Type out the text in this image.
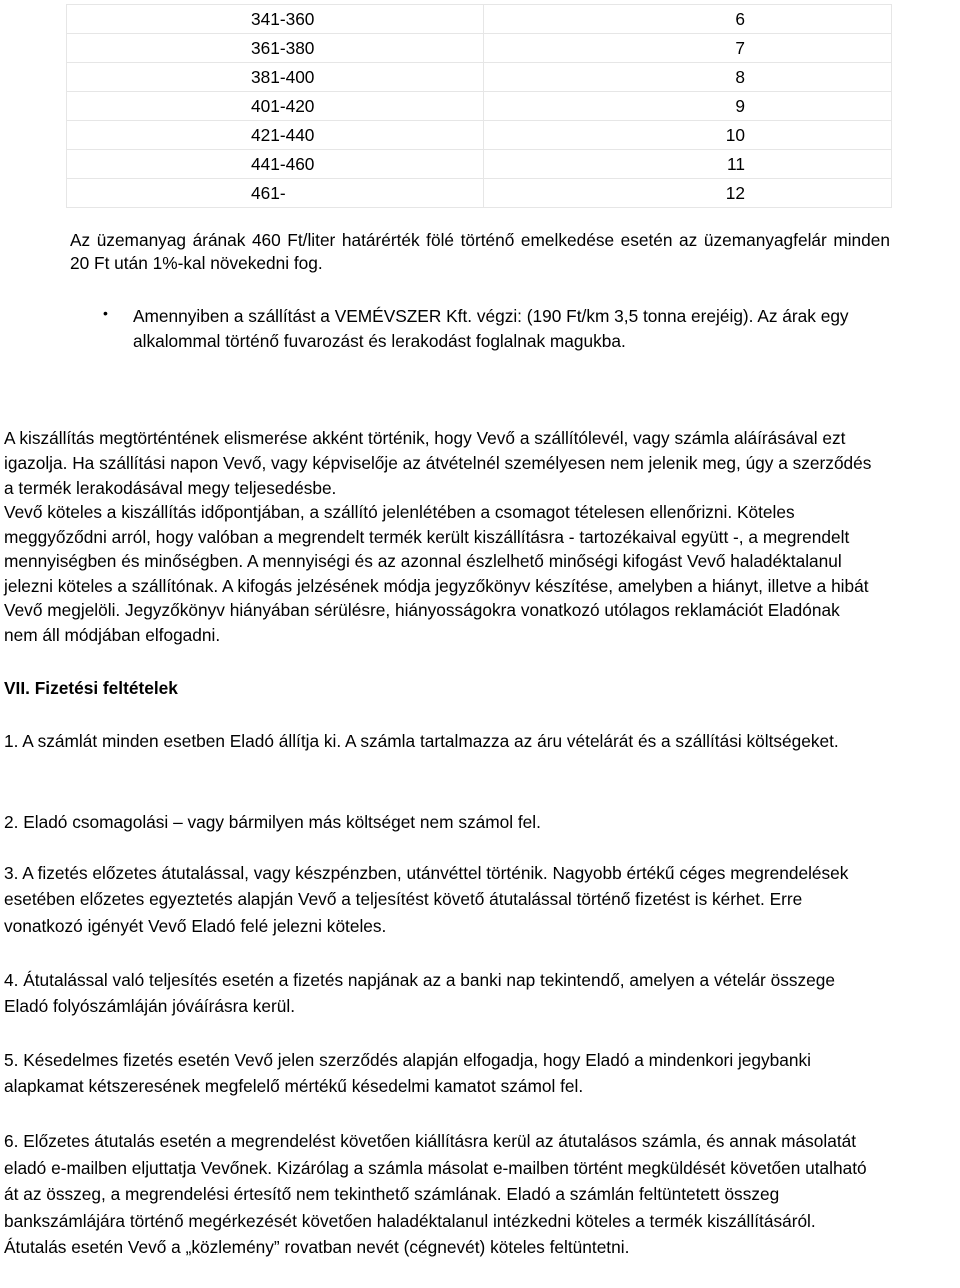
341-360	6
361-380	7
381-400	8
401-420	9
421-440	10
441-460	11
461-	12
Az üzemanyag árának 460 Ft/liter határérték fölé történő emelkedése esetén az üzemanyagfelár minden 20 Ft után 1%-kal növekedni fog.
• Amennyiben a szállítást a VEMÉVSZER Kft. végzi: (190 Ft/km 3,5 tonna erejéig). Az árak egy alkalommal történő fuvarozást és lerakodást foglalnak magukba.
A kiszállítás megtörténtének elismerése akként történik, hogy Vevő a szállítólevél, vagy számla aláírásával ezt igazolja. Ha szállítási napon Vevő, vagy képviselője az átvételnél személyesen nem jelenik meg, úgy a szerződés a termék lerakodásával megy teljesedésbe.
Vevő köteles a kiszállítás időpontjában, a szállító jelenlétében a csomagot tételesen ellenőrizni. Köteles meggyőződni arról, hogy valóban a megrendelt termék került kiszállításra - tartozékaival együtt -, a megrendelt mennyiségben és minőségben. A mennyiségi és az azonnal észlelhető minőségi kifogást Vevő haladéktalanul jelezni köteles a szállítónak. A kifogás jelzésének módja jegyzőkönyv készítése, amelyben a hiányt, illetve a hibát Vevő megjelöli. Jegyzőkönyv hiányában sérülésre, hiányosságokra vonatkozó utólagos reklamációt Eladónak nem áll módjában elfogadni.
VII. Fizetési feltételek
1. A számlát minden esetben Eladó állítja ki. A számla tartalmazza az áru vételárát és a szállítási költségeket.
2. Eladó csomagolási – vagy bármilyen más költséget nem számol fel.
3. A fizetés előzetes átutalással, vagy készpénzben, utánvéttel történik. Nagyobb értékű céges megrendelések esetében előzetes egyeztetés alapján Vevő a teljesítést követő átutalással történő fizetést is kérhet. Erre vonatkozó igényét Vevő Eladó felé jelezni köteles.
4. Átutalással való teljesítés esetén a fizetés napjának az a banki nap tekintendő, amelyen a vételár összege Eladó folyószámláján jóváírásra kerül.
5. Késedelmes fizetés esetén Vevő jelen szerződés alapján elfogadja, hogy Eladó a mindenkori jegybanki alapkamat kétszeresének megfelelő mértékű késedelmi kamatot számol fel.
6. Előzetes átutalás esetén a megrendelést követően kiállításra kerül az átutalásos számla, és annak másolatát eladó e-mailben eljuttatja Vevőnek. Kizárólag a számla másolat e-mailben történt megküldését követően utalható át az összeg, a megrendelési értesítő nem tekinthető számlának. Eladó a számlán feltüntetett összeg bankszámlájára történő megérkezését követően haladéktalanul intézkedni köteles a termék kiszállításáról. Átutalás esetén Vevő a „közlemény” rovatban nevét (cégnevét) köteles feltüntetni.
